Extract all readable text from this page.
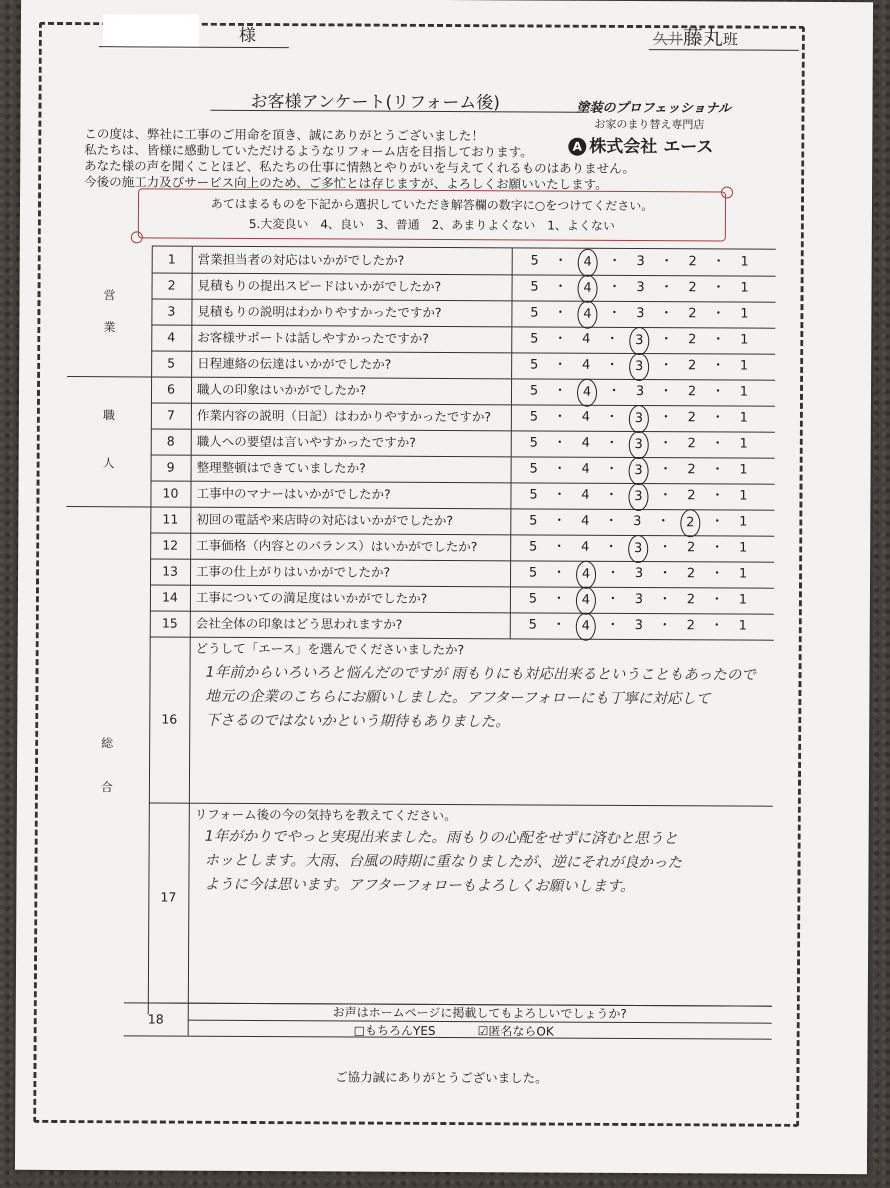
様	久井藤丸班
お客様アンケート(リフォーム後)	塗装のプロフェッショナル
お家のまり替え専門店
A 株式会社 エース
この度は、弊社に工事のご用命を頂き、誠にありがとうございました！
私たちは、皆様に感動していただけるようなリフォーム店を目指しております。
あなた様の声を聞くことほど、私たちの仕事に情熱とやりがいを与えてくれるものはありません。
今後の施工力及びサービス向上のため、ご多忙とは存じますが、よろしくお願いいたします。
あてはまるものを下記から選択していただき解答欄の数字に○をつけてください。
5.大変良い　4、良い　3、普通　2、あまりよくない　1、よくない
営
業
職
人
総
合
1	営業担当者の対応はいかがでしたか?	5	・	4	・	3	・	2	・	1
2	見積もりの提出スピードはいかがでしたか?	5	・	4	・	3	・	2	・	1
3	見積もりの説明はわかりやすかったですか?	5	・	4	・	3	・	2	・	1
4	お客様サポートは話しやすかったですか?	5	・	4	・	3	・	2	・	1
5	日程連絡の伝達はいかがでしたか?	5	・	4	・	3	・	2	・	1
6	職人の印象はいかがでしたか?	5	・	4	・	3	・	2	・	1
7	作業内容の説明（日記）はわかりやすかったですか?	5	・	4	・	3	・	2	・	1
8	職人への要望は言いやすかったですか?	5	・	4	・	3	・	2	・	1
9	整理整頓はできていましたか?	5	・	4	・	3	・	2	・	1
10	工事中のマナーはいかがでしたか?	5	・	4	・	3	・	2	・	1
11	初回の電話や来店時の対応はいかがでしたか?	5	・	4	・	3	・	2	・	1
12	工事価格（内容とのバランス）はいかがでしたか?	5	・	4	・	3	・	2	・	1
13	工事の仕上がりはいかがでしたか?	5	・	4	・	3	・	2	・	1
14	工事についての満足度はいかがでしたか?	5	・	4	・	3	・	2	・	1
15	会社全体の印象はどう思われますか?	5	・	4	・	3	・	2	・	1
16
どうして「エース」を選んでくださいましたか?
1年前からいろいろと悩んだのですが 雨もりにも対応出来るということもあったので
地元の企業のこちらにお願いしました。アフターフォローにも丁寧に対応して
下さるのではないかという期待もありました。
17
リフォーム後の今の気持ちを教えてください。
1年がかりでやっと実現出来ました。雨もりの心配をせずに済むと思うと
ホッとします。大雨、台風の時期に重なりましたが、逆にそれが良かった
ように今は思います。アフターフォローもよろしくお願いします。
18	お声はホームページに掲載してもよろしいでしょうか?
□もちろんYES	☑匿名ならOK
ご協力誠にありがとうございました。
